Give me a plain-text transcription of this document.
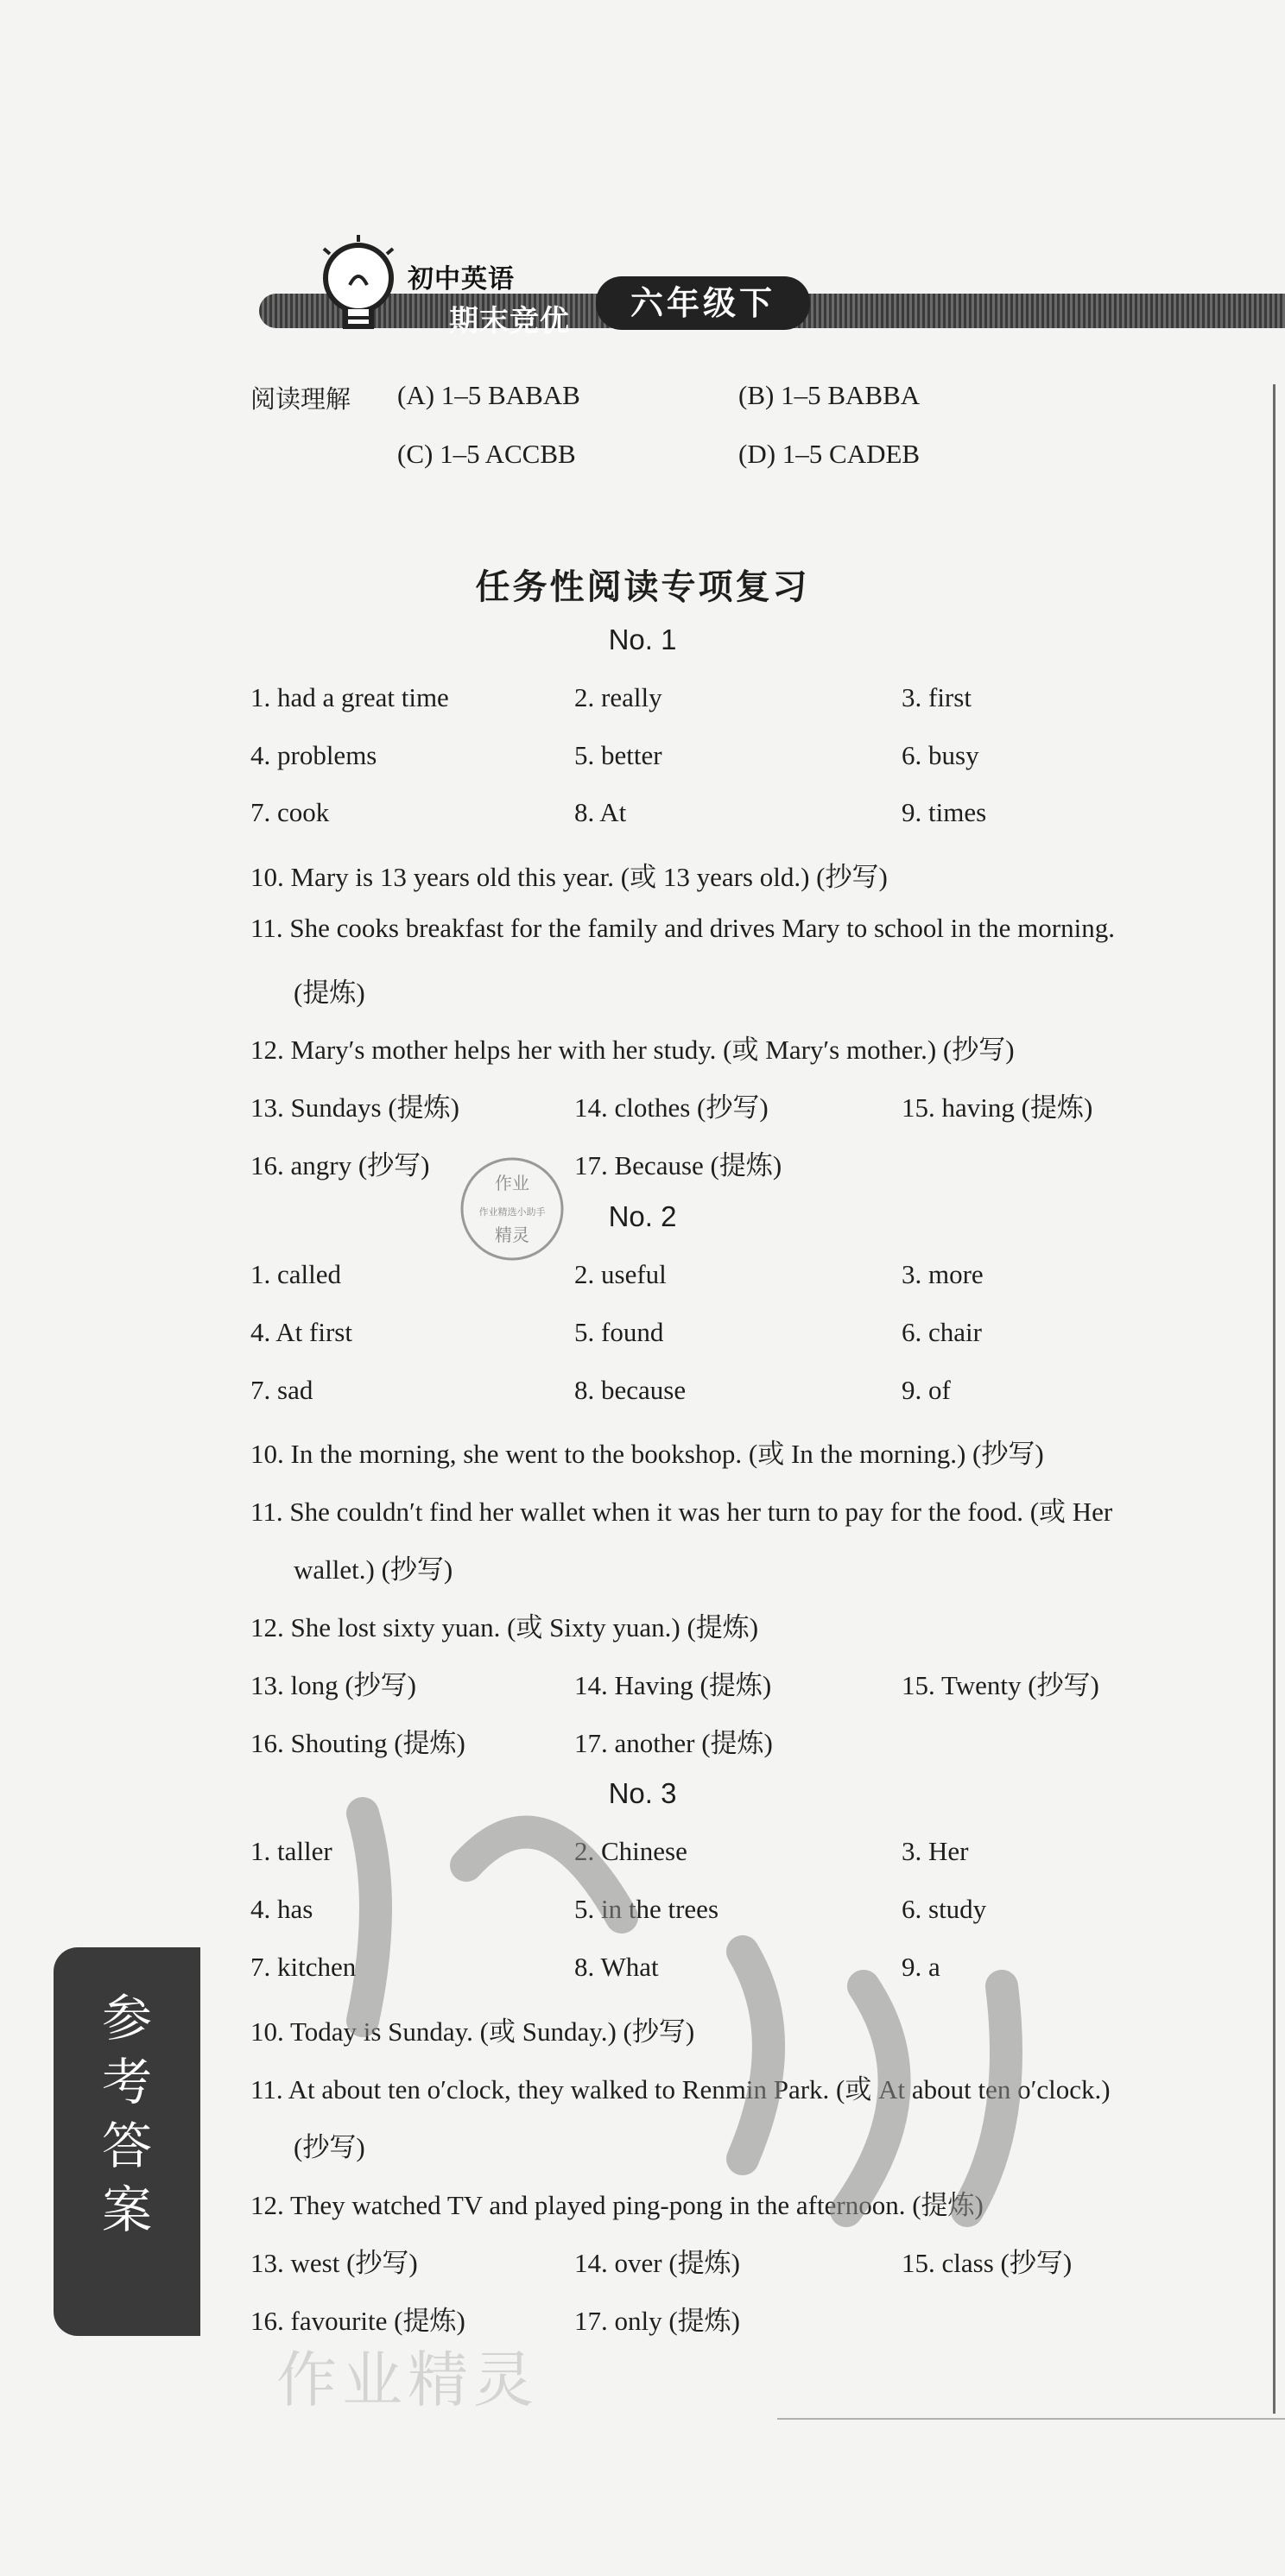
初中英语
期末竞优	六年级下
阅读理解 (A) 1–5 BABAB	(B) 1–5 BABBA
(C) 1–5 ACCBB	(D) 1–5 CADEB
任务性阅读专项复习
No. 1
1. had a great time	2. really	3. first
4. problems	5. better	6. busy
7. cook	8. At	9. times
10. Mary is 13 years old this year. (或 13 years old.) (抄写)
11. She cooks breakfast for the family and drives Mary to school in the morning.
(提炼)
12. Mary′s mother helps her with her study. (或 Mary′s mother.) (抄写)
13. Sundays (提炼)	14. clothes (抄写)	15. having (提炼)
16. angry (抄写)	17. Because (提炼)
作业
作业精选小助手
精灵
No. 2
1. called	2. useful	3. more
4. At first	5. found	6. chair
7. sad	8. because	9. of
10. In the morning, she went to the bookshop. (或 In the morning.) (抄写)
11. She couldn′t find her wallet when it was her turn to pay for the food. (或 Her
wallet.) (抄写)
12. She lost sixty yuan. (或 Sixty yuan.) (提炼)
13. long (抄写)	14. Having (提炼)	15. Twenty (抄写)
16. Shouting (提炼)	17. another (提炼)
No. 3
1. taller	2. Chinese	3. Her
4. has	5. in the trees	6. study
7. kitchen	8. What	9. a
10. Today is Sunday. (或 Sunday.) (抄写)
11. At about ten o′clock, they walked to Renmin Park. (或 At about ten o′clock.)
(抄写)
12. They watched TV and played ping-pong in the afternoon. (提炼)
13. west (抄写)	14. over (提炼)	15. class (抄写)
16. favourite (提炼)	17. only (提炼)
参考答案
作业精灵
